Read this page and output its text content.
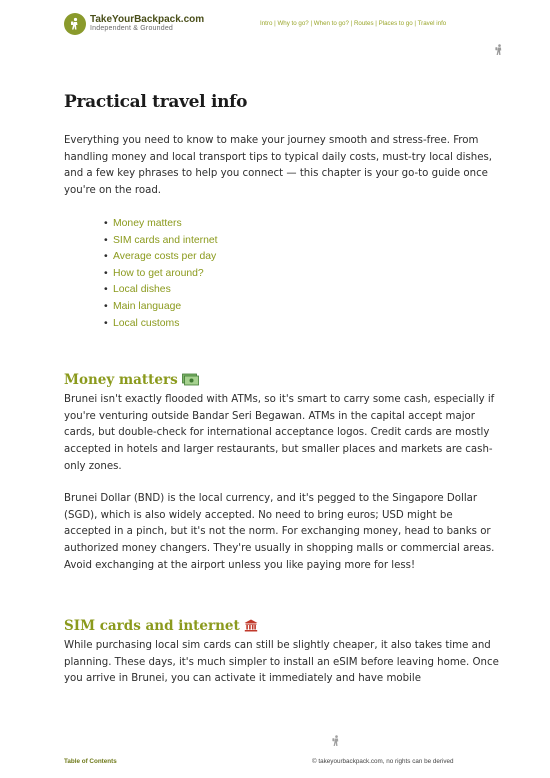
TakeYourBackpack.com
Independent & Grounded
Intro | Why to go? | When to go? | Routes | Places to go | Travel info
Practical travel info

Everything you need to know to make your journey smooth and stress-free. From handling money and local transport tips to typical daily costs, must-try local dishes, and a few key phrases to help you connect — this chapter is your go-to guide once you're on the road.

• Money matters
• SIM cards and internet
• Average costs per day
• How to get around?
• Local dishes
• Main language
• Local customs
Money matters

Brunei isn't exactly flooded with ATMs, so it's smart to carry some cash, especially if you're venturing outside Bandar Seri Begawan. ATMs in the capital accept major cards, but double-check for international acceptance logos. Credit cards are mostly accepted in hotels and larger restaurants, but smaller places and markets are cash-only zones.

Brunei Dollar (BND) is the local currency, and it's pegged to the Singapore Dollar (SGD), which is also widely accepted. No need to bring euros; USD might be accepted in a pinch, but it's not the norm. For exchanging money, head to banks or authorized money changers. They're usually in shopping malls or commercial areas. Avoid exchanging at the airport unless you like paying more for less!

SIM cards and internet

While purchasing local sim cards can still be slightly cheaper, it also takes time and planning. These days, it's much simpler to install an eSIM before leaving home. Once you arrive in Brunei, you can activate it immediately and have mobile

Table of Contents	© takeyourbackpack.com, no rights can be derived
